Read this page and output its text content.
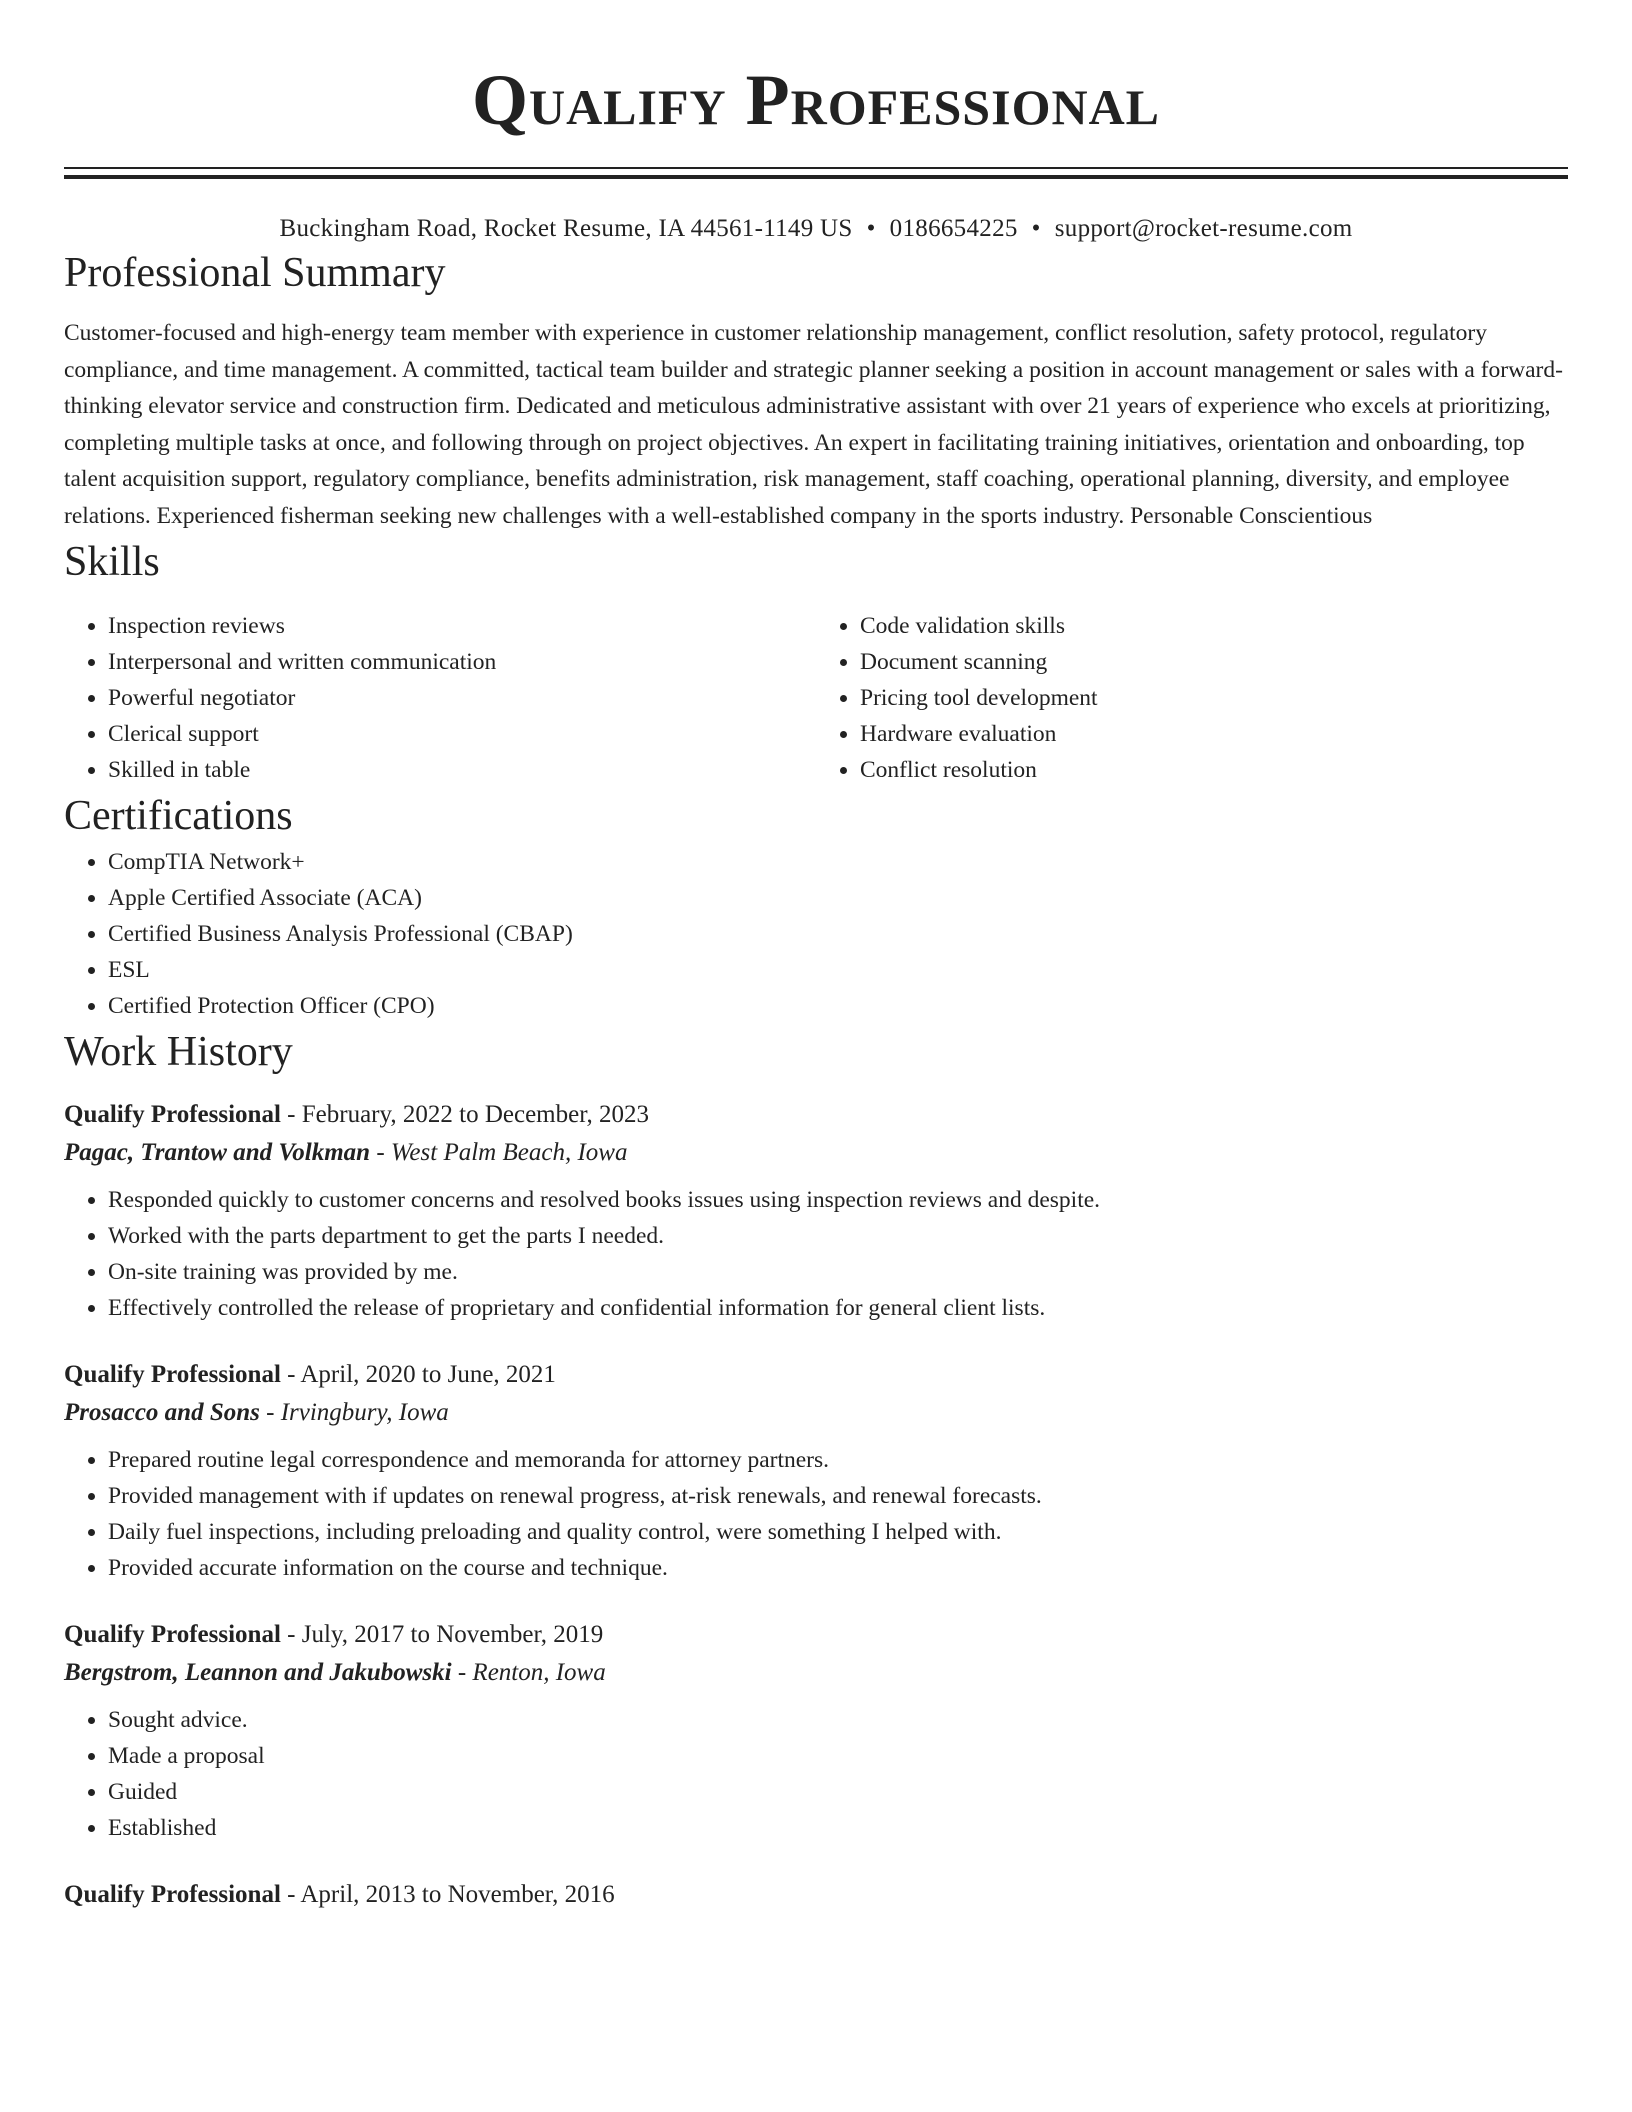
Qualify Professional
Buckingham Road, Rocket Resume, IA 44561-1149 US • 0186654225 • support@rocket-resume.com
Professional Summary
Customer-focused and high-energy team member with experience in customer relationship management, conflict resolution, safety protocol, regulatory compliance, and time management. A committed, tactical team builder and strategic planner seeking a position in account management or sales with a forward-thinking elevator service and construction firm. Dedicated and meticulous administrative assistant with over 21 years of experience who excels at prioritizing, completing multiple tasks at once, and following through on project objectives. An expert in facilitating training initiatives, orientation and onboarding, top talent acquisition support, regulatory compliance, benefits administration, risk management, staff coaching, operational planning, diversity, and employee relations. Experienced fisherman seeking new challenges with a well-established company in the sports industry. Personable Conscientious
Skills
• Inspection reviews
• Interpersonal and written communication
• Powerful negotiator
• Clerical support
• Skilled in table
• Code validation skills
• Document scanning
• Pricing tool development
• Hardware evaluation
• Conflict resolution
Certifications
• CompTIA Network+
• Apple Certified Associate (ACA)
• Certified Business Analysis Professional (CBAP)
• ESL
• Certified Protection Officer (CPO)
Work History
Qualify Professional - February, 2022 to December, 2023
Pagac, Trantow and Volkman - West Palm Beach, Iowa
• Responded quickly to customer concerns and resolved books issues using inspection reviews and despite.
• Worked with the parts department to get the parts I needed.
• On-site training was provided by me.
• Effectively controlled the release of proprietary and confidential information for general client lists.
Qualify Professional - April, 2020 to June, 2021
Prosacco and Sons - Irvingbury, Iowa
• Prepared routine legal correspondence and memoranda for attorney partners.
• Provided management with if updates on renewal progress, at-risk renewals, and renewal forecasts.
• Daily fuel inspections, including preloading and quality control, were something I helped with.
• Provided accurate information on the course and technique.
Qualify Professional - July, 2017 to November, 2019
Bergstrom, Leannon and Jakubowski - Renton, Iowa
• Sought advice.
• Made a proposal
• Guided
• Established
Qualify Professional - April, 2013 to November, 2016
